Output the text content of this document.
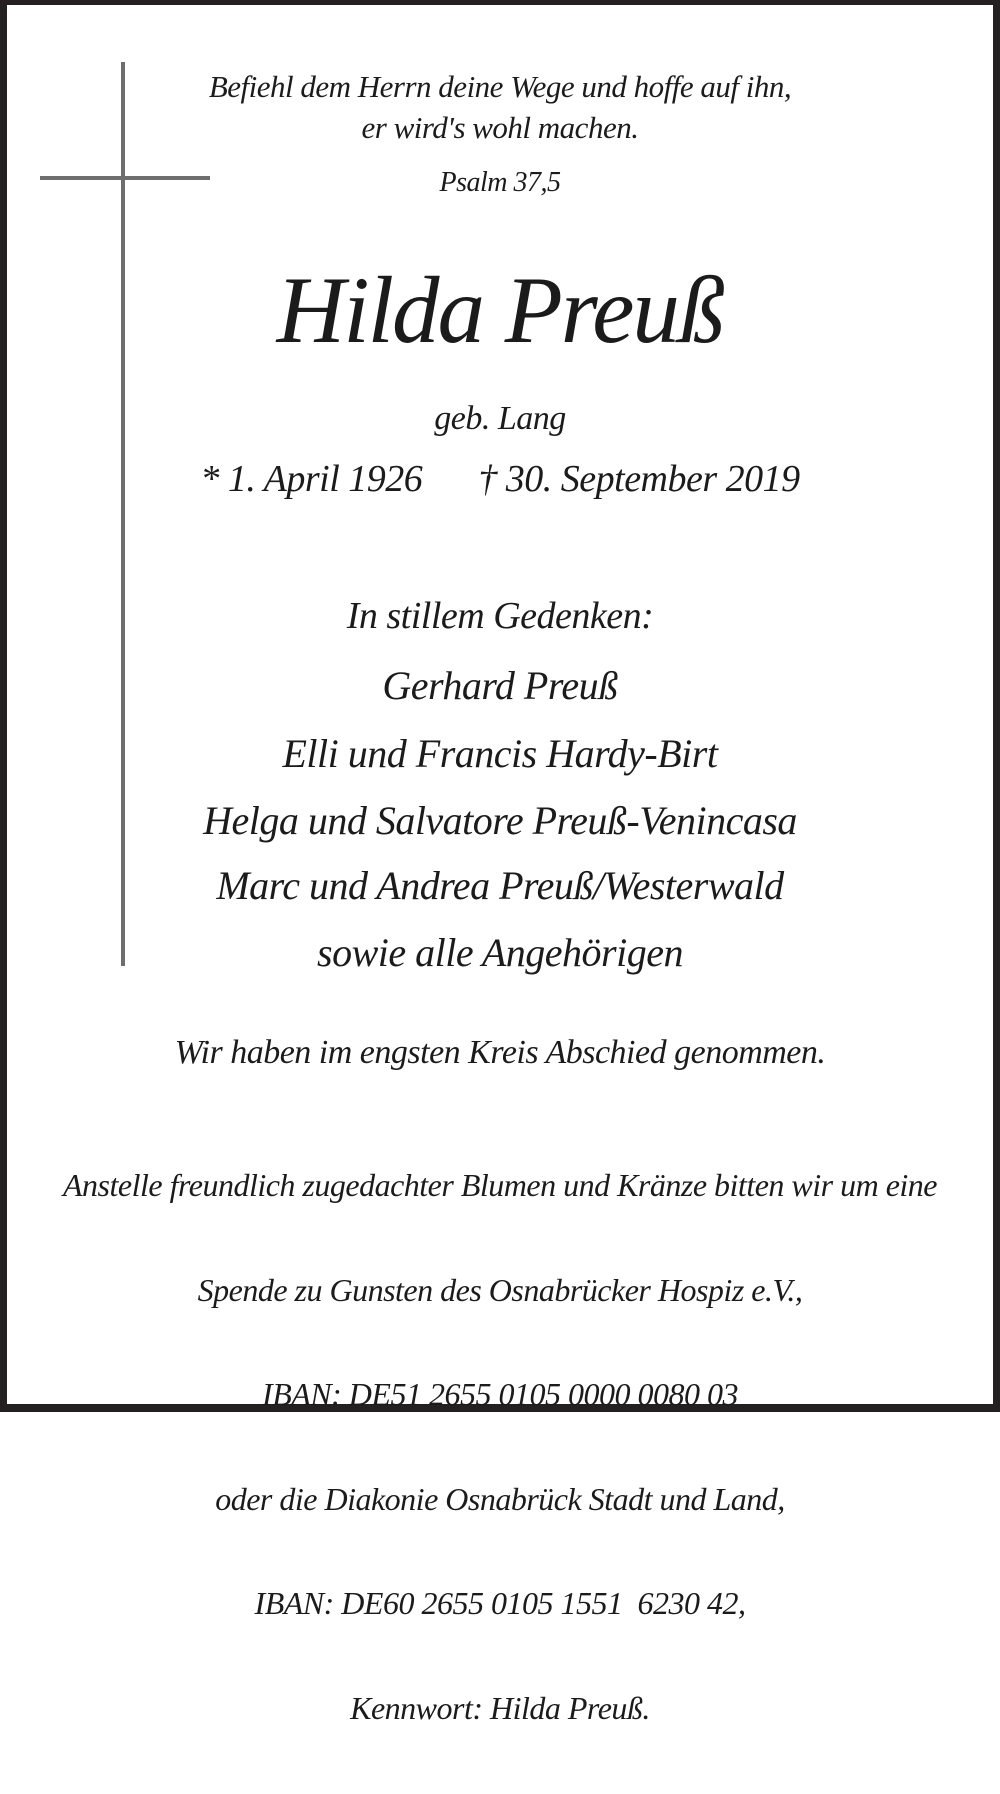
Befiehl dem Herrn deine Wege und hoffe auf ihn,

er wird's wohl machen.

Psalm 37,5

Hilda Preuß

geb. Lang

* 1. April 1926 † 30. September 2019

In stillem Gedenken:

Gerhard Preuß

Elli und Francis Hardy-Birt

Helga und Salvatore Preuß-Venincasa

Marc und Andrea Preuß/Westerwald

sowie alle Angehörigen

Wir haben im engsten Kreis Abschied genommen.

Anstelle freundlich zugedachter Blumen und Kränze bitten wir um eine

Spende zu Gunsten des Osnabrücker Hospiz e.V.,

IBAN: DE51 2655 0105 0000 0080 03

oder die Diakonie Osnabrück Stadt und Land,

IBAN: DE60 2655 0105 1551  6230 42,

Kennwort: Hilda Preuß.
